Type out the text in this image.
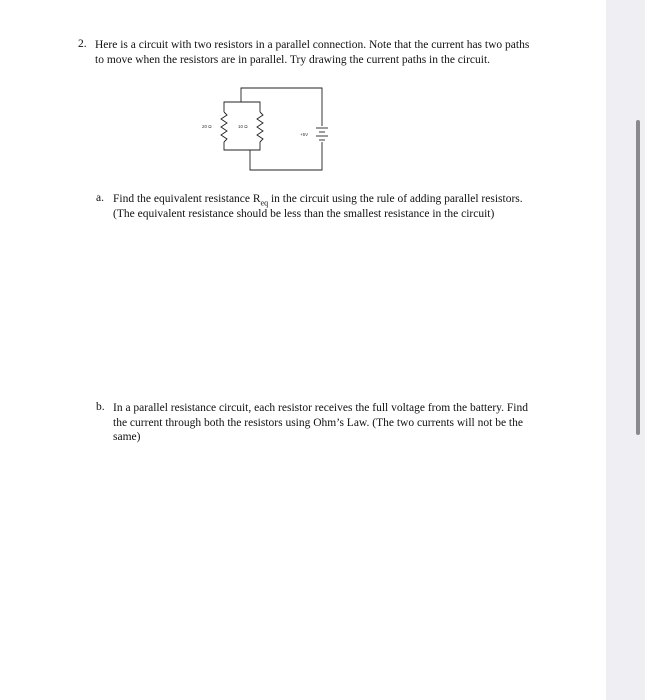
2. Here is a circuit with two resistors in a parallel connection. Note that the current has two paths to move when the resistors are in parallel. Try drawing the current paths in the circuit.
20 Ω	10 Ω
+5V
a. Find the equivalent resistance $R_{eq}$ in the circuit using the rule of adding parallel resistors.
(The equivalent resistance should be less than the smallest resistance in the circuit)
b. In a parallel resistance circuit, each resistor receives the full voltage from the battery. Find the current through both the resistors using Ohm’s Law. (The two currents will not be the same)
